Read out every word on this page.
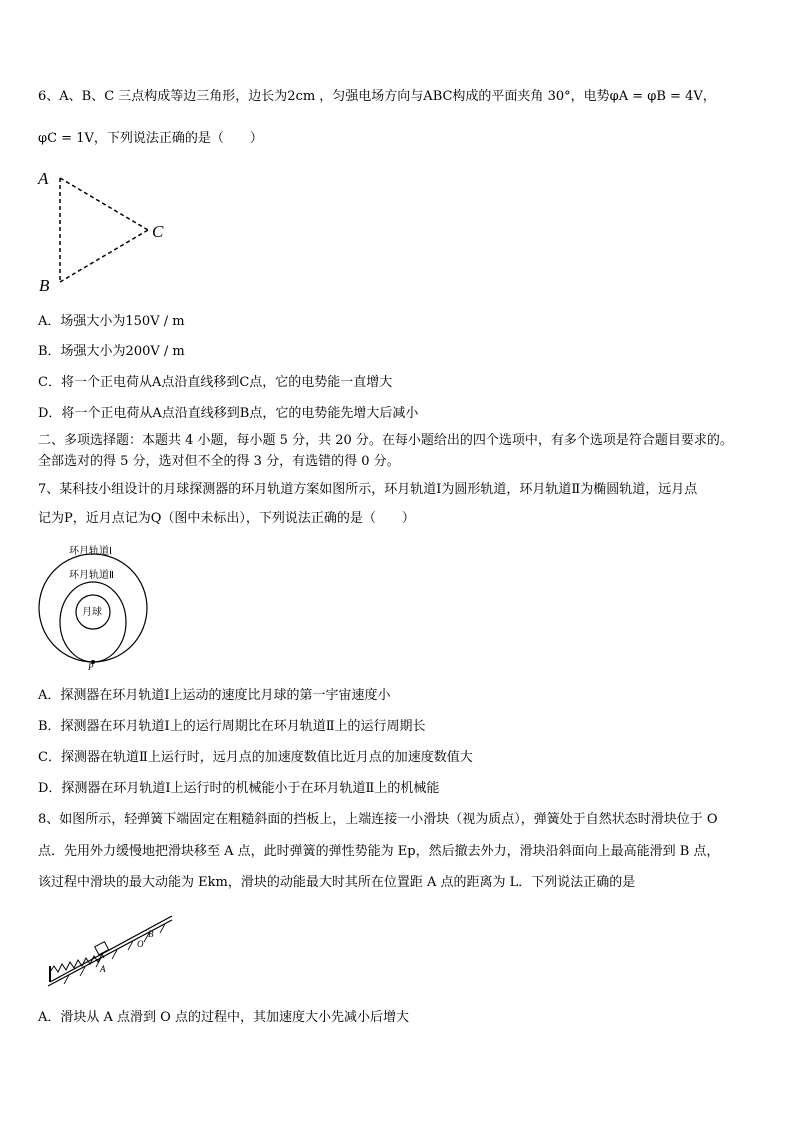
6、A、B、C 三点构成等边三角形，边长为2cm ，匀强电场方向与ABC构成的平面夹角 30°，电势φA = φB = 4V，
φC = 1V，下列说法正确的是（　　）
A
B
C
A．场强大小为150V / m
B．场强大小为200V / m
C．将一个正电荷从A点沿直线移到C点，它的电势能一直增大
D．将一个正电荷从A点沿直线移到B点，它的电势能先增大后减小
二、多项选择题：本题共 4 小题，每小题 5 分，共 20 分。在每小题给出的四个选项中，有多个选项是符合题目要求的。
全部选对的得 5 分，选对但不全的得 3 分，有选错的得 0 分。
7、某科技小组设计的月球探测器的环月轨道方案如图所示，环月轨道Ⅰ为圆形轨道，环月轨道Ⅱ为椭圆轨道，远月点
记为P，近月点记为Q（图中未标出），下列说法正确的是（　　）
环月轨道Ⅰ
环月轨道Ⅱ
月球
P
A．探测器在环月轨道Ⅰ上运动的速度比月球的第一宇宙速度小
B．探测器在环月轨道Ⅰ上的运行周期比在环月轨道Ⅱ上的运行周期长
C．探测器在轨道Ⅱ上运行时，远月点的加速度数值比近月点的加速度数值大
D．探测器在环月轨道Ⅰ上运行时的机械能小于在环月轨道Ⅱ上的机械能
8、如图所示，轻弹簧下端固定在粗糙斜面的挡板上，上端连接一小滑块（视为质点），弹簧处于自然状态时滑块位于 O
点．先用外力缓慢地把滑块移至 A 点，此时弹簧的弹性势能为 Ep，然后撤去外力，滑块沿斜面向上最高能滑到 B 点，
该过程中滑块的最大动能为 Ekm，滑块的动能最大时其所在位置距 A 点的距离为 L．下列说法正确的是
A
O
B
A．滑块从 A 点滑到 O 点的过程中，其加速度大小先减小后增大
